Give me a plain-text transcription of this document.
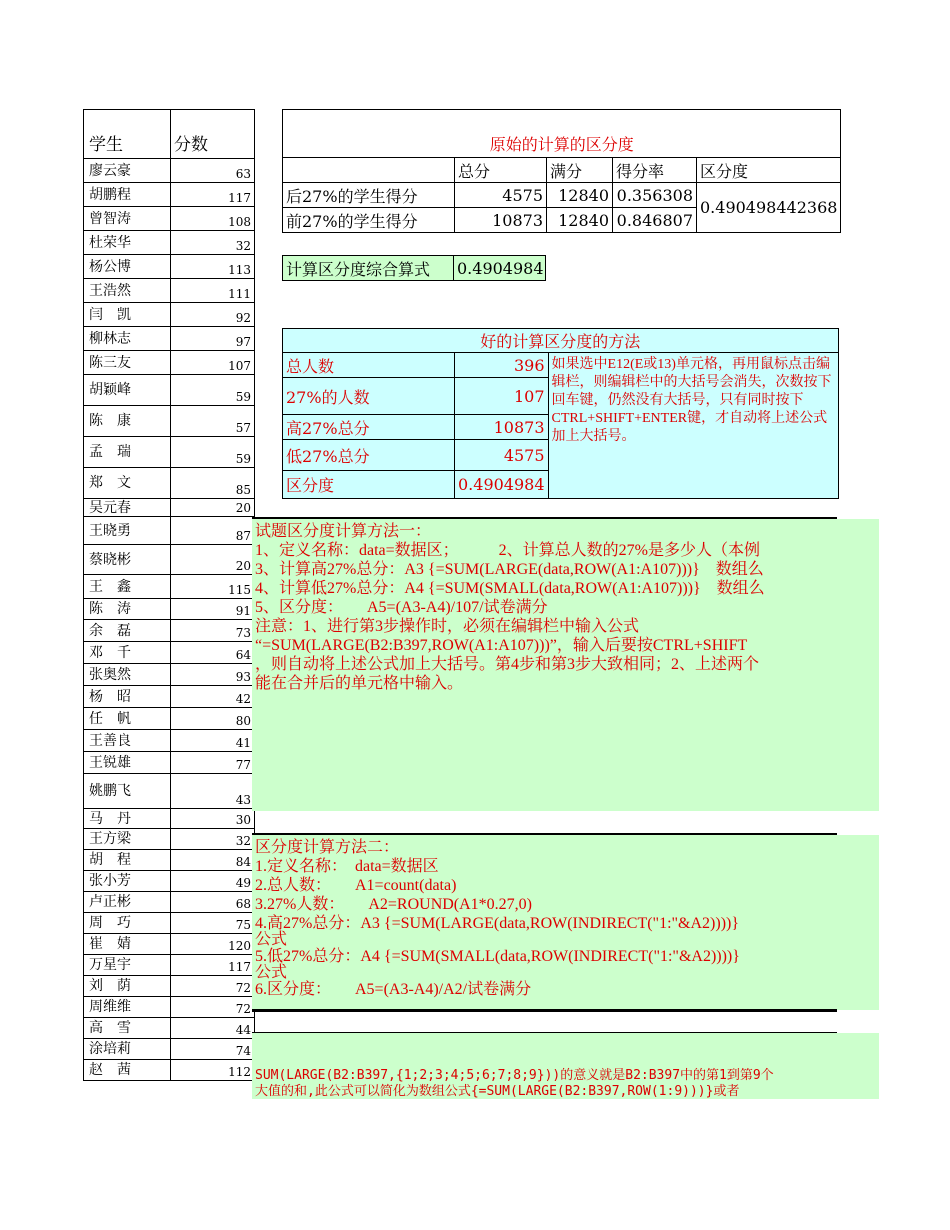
学生	分数
廖云豪	63
胡鹏程	117
曾智涛	108
杜荣华	32
杨公博	113
王浩然	111
闫　凯	92
柳林志	97
陈三友	107
胡颖峰	59
陈　康	57
孟　瑞	59
郑　文	85
吴元春	20
王晓勇	87
蔡晓彬	20
王　鑫	115
陈　涛	91
余　磊	73
邓　千	64
张奥然	93
杨　昭	42
任　帆	80
王善良	41
王锐雄	77
姚鹏飞	43
马　丹	30
王方梁	32
胡　程	84
张小芳	49
卢正彬	68
周　巧	75
崔　婧	120
万星宇	117
刘　荫	72
周维维	72
高　雪	44
涂培莉	74
赵　茜	112
原始的计算的区分度				
	总分	满分	得分率	区分度
后27%的学生得分	4575	12840	0.356308	0.490498442368
前27%的学生得分	10873	12840	0.846807	
计算区分度综合算式	0.4904984
好的计算区分度的方法		
总人数	396	如果选中E12(E或13)单元格，再用鼠标点击编辑栏，则编辑栏中的大括号会消失，次数按下回车键，仍然没有大括号，只有同时按下CTRL+SHIFT+ENTER键，才自动将上述公式加上大括号。
27%的人数	107	
高27%总分	10873	
低27%总分	4575	
区分度	0.4904984	
试题区分度计算方法一：
1、定义名称：data=数据区；　　　2、计算总人数的27%是多少人（本例
3、计算高27%总分：A3 {=SUM(LARGE(data,ROW(A1:A107)))}　数组么
4、计算低27%总分：A4 {=SUM(SMALL(data,ROW(A1:A107)))}　数组么
5、区分度：　　A5=(A3-A4)/107/试卷满分
注意：1、进行第3步操作时，必须在编辑栏中输入公式
“=SUM(LARGE(B2:B397,ROW(A1:A107)))”，输入后要按CTRL+SHIFT
，则自动将上述公式加上大括号。第4步和第3步大致相同；2、上述两个
能在合并后的单元格中输入。
区分度计算方法二：
1.定义名称：　data=数据区
2.总人数：　　A1=count(data)
3.27%人数：　　A2=ROUND(A1*0.27,0)
4.高27%总分：A3 {=SUM(LARGE(data,ROW(INDIRECT("1:"&A2))))}
公式
5.低27%总分：A4 {=SUM(SMALL(data,ROW(INDIRECT("1:"&A2))))}
公式
6.区分度：　　A5=(A3-A4)/A2/试卷满分
SUM(LARGE(B2:B397,{1;2;3;4;5;6;7;8;9}))的意义就是B2:B397中的第1到第9个
大值的和,此公式可以简化为数组公式{=SUM(LARGE(B2:B397,ROW(1:9)))}或者
